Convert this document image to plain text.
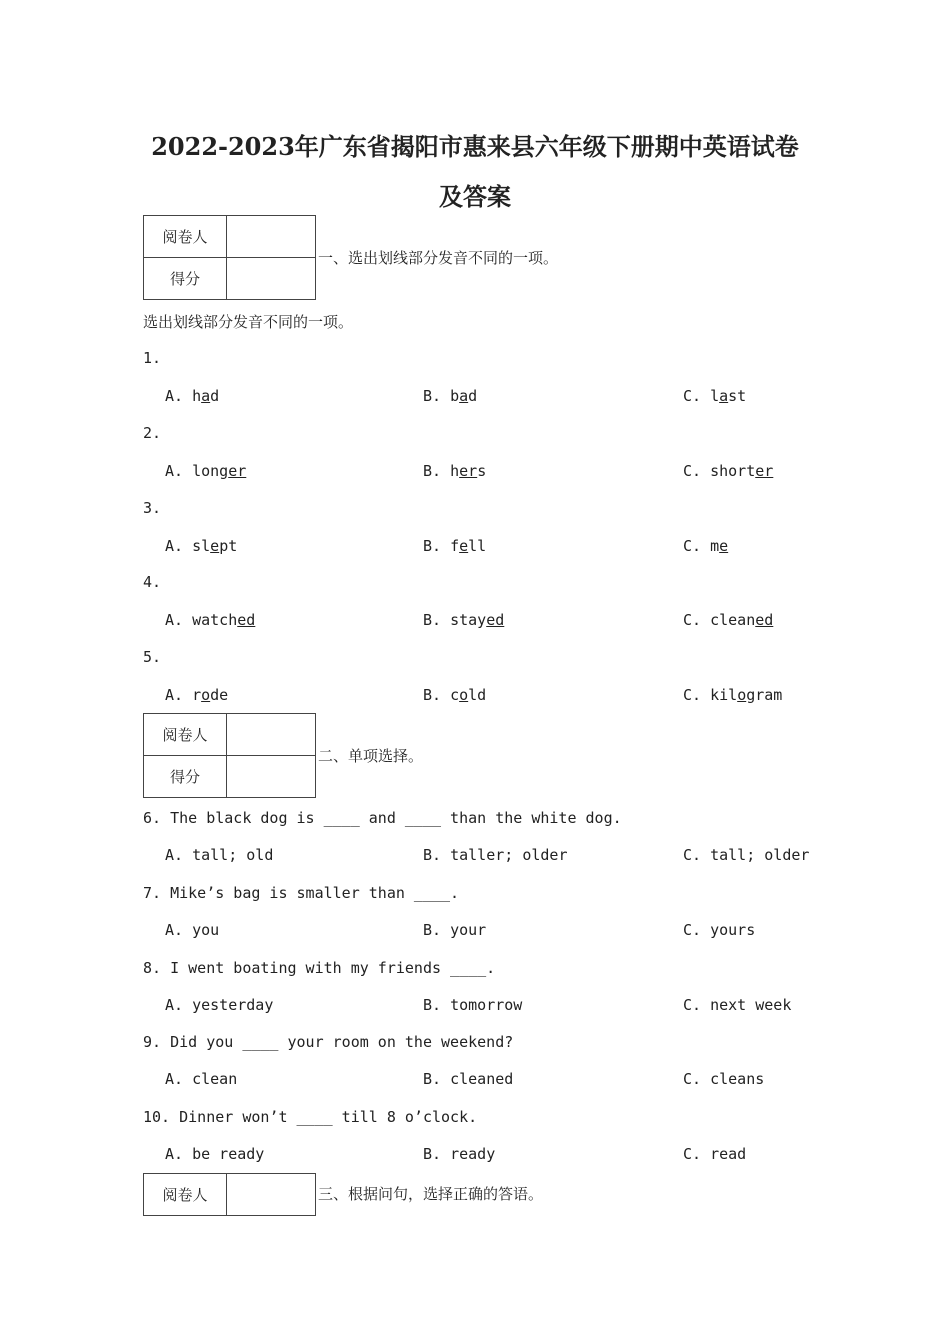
2022-2023年广东省揭阳市惠来县六年级下册期中英语试卷
及答案
阅卷人	
得分	
一、选出划线部分发音不同的一项。
选出划线部分发音不同的一项。
1.
A. had	B. bad	C. last
2.
A. longer	B. hers	C. shorter
3.
A. slept	B. fell	C. me
4.
A. watched	B. stayed	C. cleaned
5.
A. rode	B. cold	C. kilogram
阅卷人	
得分	
二、单项选择。
6. The black dog is ____ and ____ than the white dog.
A. tall; old	B. taller; older	C. tall; older
7. Mike’s bag is smaller than ____.
A. you	B. your	C. yours
8. I went boating with my friends ____.
A. yesterday	B. tomorrow	C. next week
9. Did you ____ your room on the weekend?
A. clean	B. cleaned	C. cleans
10. Dinner won’t ____ till 8 o’clock.
A. be ready	B. ready	C. read
阅卷人		三、根据问句，选择正确的答语。
